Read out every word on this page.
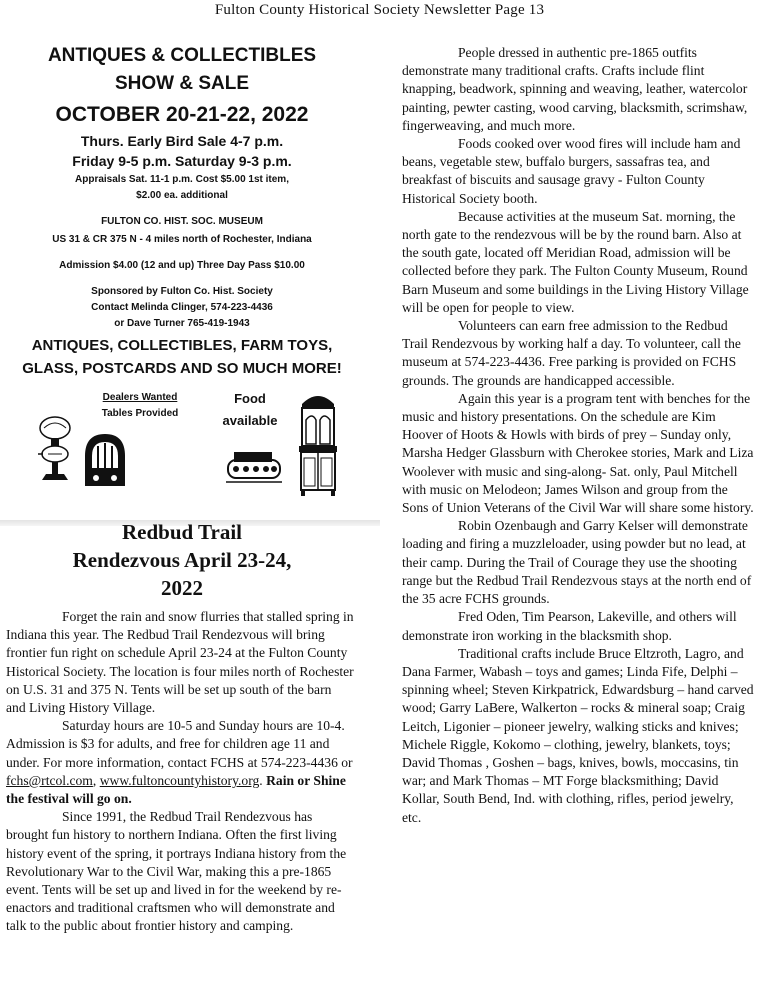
Fulton County Historical Society Newsletter Page 13
ANTIQUES & COLLECTIBLES
SHOW & SALE
OCTOBER 20-21-22, 2022
Thurs. Early Bird Sale 4-7 p.m.
Friday 9-5 p.m. Saturday 9-3 p.m.
Appraisals Sat. 11-1 p.m. Cost $5.00 1st item,
$2.00 ea. additional
FULTON CO. HIST. SOC. MUSEUM
US 31 & CR 375 N - 4 miles north of Rochester, Indiana
Admission $4.00 (12 and up) Three Day Pass $10.00
Sponsored by Fulton Co. Hist. Society
Contact Melinda Clinger, 574-223-4436
or Dave Turner 765-419-1943
ANTIQUES, COLLECTIBLES, FARM TOYS,
GLASS, POSTCARDS AND SO MUCH MORE!
Dealers Wanted
Tables Provided
Food
available
Redbud Trail
Rendezvous April 23-24,
2022

Forget the rain and snow flurries that stalled spring in Indiana this year. The Redbud Trail Rendezvous will bring frontier fun right on schedule April 23-24 at the Fulton County Historical Society. The location is four miles north of Rochester on U.S. 31 and 375 N. Tents will be set up south of the barn and Living History Village.

Saturday hours are 10-5 and Sunday hours are 10-4. Admission is $3 for adults, and free for children age 11 and under. For more information, contact FCHS at 574-223-4436 or fchs@rtcol.com, www.fultoncountyhistory.org. Rain or Shine the festival will go on.

Since 1991, the Redbud Trail Rendezvous has brought fun history to northern Indiana. Often the first living history event of the spring, it portrays Indiana history from the Revolutionary War to the Civil War, making this a pre-1865 event. Tents will be set up and lived in for the weekend by re-enactors and traditional craftsmen who will demonstrate and talk to the public about frontier history and camping.

People dressed in authentic pre-1865 outfits demonstrate many traditional crafts. Crafts include flint knapping, beadwork, spinning and weaving, leather, watercolor painting, pewter casting, wood carving, blacksmith, scrimshaw, fingerweaving, and much more.

Foods cooked over wood fires will include ham and beans, vegetable stew, buffalo burgers, sassafras tea, and breakfast of biscuits and sausage gravy - Fulton County Historical Society booth.

Because activities at the museum Sat. morning, the north gate to the rendezvous will be by the round barn. Also at the south gate, located off Meridian Road, admission will be collected before they park. The Fulton County Museum, Round Barn Museum and some buildings in the Living History Village will be open for people to view.

Volunteers can earn free admission to the Redbud Trail Rendezvous by working half a day. To volunteer, call the museum at 574-223-4436. Free parking is provided on FCHS grounds. The grounds are handicapped accessible.

Again this year is a program tent with benches for the music and history presentations. On the schedule are Kim Hoover of Hoots & Howls with birds of prey – Sunday only, Marsha Hedger Glassburn with Cherokee stories, Mark and Liza Woolever with music and sing-along- Sat. only, Paul Mitchell with music on Melodeon; James Wilson and group from the Sons of Union Veterans of the Civil War will share some history.

Robin Ozenbaugh and Garry Kelser will demonstrate loading and firing a muzzleloader, using powder but no lead, at their camp. During the Trail of Courage they use the shooting range but the Redbud Trail Rendezvous stays at the north end of the 35 acre FCHS grounds.

Fred Oden, Tim Pearson, Lakeville, and others will demonstrate iron working in the blacksmith shop.

Traditional crafts include Bruce Eltzroth, Lagro, and Dana Farmer, Wabash – toys and games; Linda Fife, Delphi – spinning wheel; Steven Kirkpatrick, Edwardsburg – hand carved wood; Garry LaBere, Walkerton – rocks & mineral soap; Craig Leitch, Ligonier – pioneer jewelry, walking sticks and knives; Michele Riggle, Kokomo – clothing, jewelry, blankets, toys; David Thomas , Goshen – bags, knives, bowls, moccasins, tin war; and Mark Thomas – MT Forge blacksmithing; David Kollar, South Bend, Ind. with clothing, rifles, period jewelry, etc.
